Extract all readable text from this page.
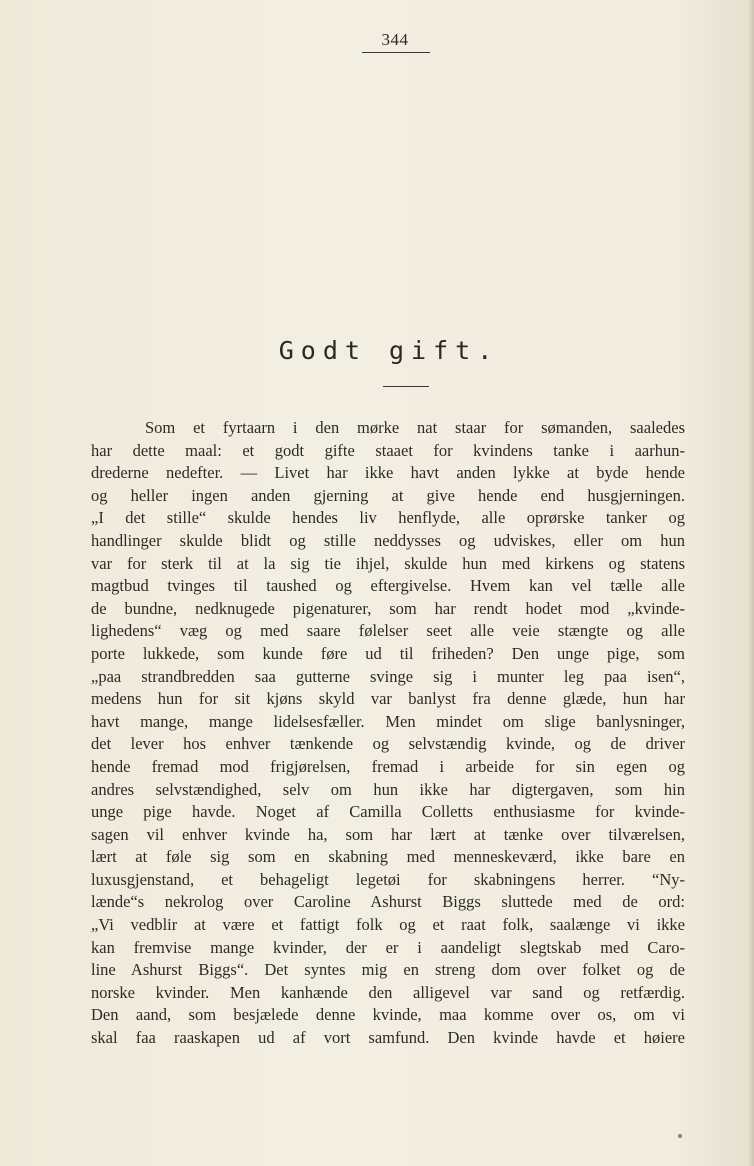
344
Godt gift.
Som et fyrtaarn i den mørke nat staar for sømanden, saaledes
har dette maal: et godt gifte staaet for kvindens tanke i aarhun-
drederne nedefter. — Livet har ikke havt anden lykke at byde hende
og heller ingen anden gjerning at give hende end husgjerningen.
„I det stille“ skulde hendes liv henflyde, alle oprørske tanker og
handlinger skulde blidt og stille neddysses og udviskes, eller om hun
var for sterk til at la sig tie ihjel, skulde hun med kirkens og statens
magtbud tvinges til taushed og eftergivelse. Hvem kan vel tælle alle
de bundne, nedknugede pigenaturer, som har rendt hodet mod „kvinde-
lighedens“ væg og med saare følelser seet alle veie stængte og alle
porte lukkede, som kunde føre ud til friheden? Den unge pige, som
„paa strandbredden saa gutterne svinge sig i munter leg paa isen“,
medens hun for sit kjøns skyld var banlyst fra denne glæde, hun har
havt mange, mange lidelsesfæller. Men mindet om slige banlysninger,
det lever hos enhver tænkende og selvstændig kvinde, og de driver
hende fremad mod frigjørelsen, fremad i arbeide for sin egen og
andres selvstændighed, selv om hun ikke har digtergaven, som hin
unge pige havde. Noget af Camilla Colletts enthusiasme for kvinde-
sagen vil enhver kvinde ha, som har lært at tænke over tilværelsen,
lært at føle sig som en skabning med menneskeværd, ikke bare en
luxusgjenstand, et behageligt legetøi for skabningens herrer. “Ny-
lænde“s nekrolog over Caroline Ashurst Biggs sluttede med de ord:
„Vi vedblir at være et fattigt folk og et raat folk, saalænge vi ikke
kan fremvise mange kvinder, der er i aandeligt slegtskab med Caro-
line Ashurst Biggs“. Det syntes mig en streng dom over folket og de
norske kvinder. Men kanhænde den alligevel var sand og retfærdig.
Den aand, som besjælede denne kvinde, maa komme over os, om vi
skal faa raaskapen ud af vort samfund. Den kvinde havde et høiere
